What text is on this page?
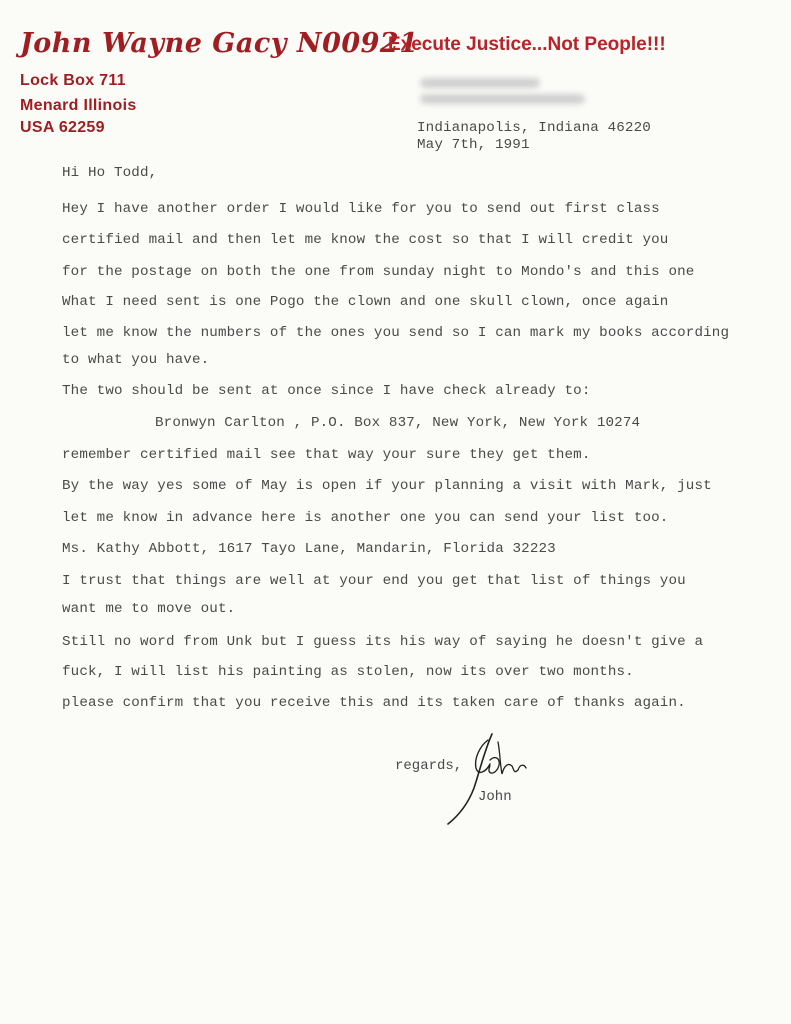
John Wayne Gacy N00921
Execute Justice...Not People!!!
Lock Box 711
Menard Illinois
USA 62259	Indianapolis, Indiana 46220
May 7th, 1991
Hi Ho Todd,
Hey I have another order I would like for you to send out first class
certified mail and then let me know the cost so that I will credit you
for the postage on both the one from sunday night to Mondo's and this one
What I need sent is one Pogo the clown and one skull clown, once again
let me know the numbers of the ones you send so I can mark my books according
to what you have.
The two should be sent at once since I have check already to:
Bronwyn Carlton , P.O. Box 837, New York, New York 10274
remember certified mail see that way your sure they get them.
By the way yes some of May is open if your planning a visit with Mark, just
let me know in advance here is another one you can send your list too.
Ms. Kathy Abbott, 1617 Tayo Lane, Mandarin, Florida 32223
I trust that things are well at your end you get that list of things you
want me to move out.
Still no word from Unk but I guess its his way of saying he doesn't give a
fuck, I will list his painting as stolen, now its over two months.
please confirm that you receive this and its taken care of thanks again.
regards,
John
